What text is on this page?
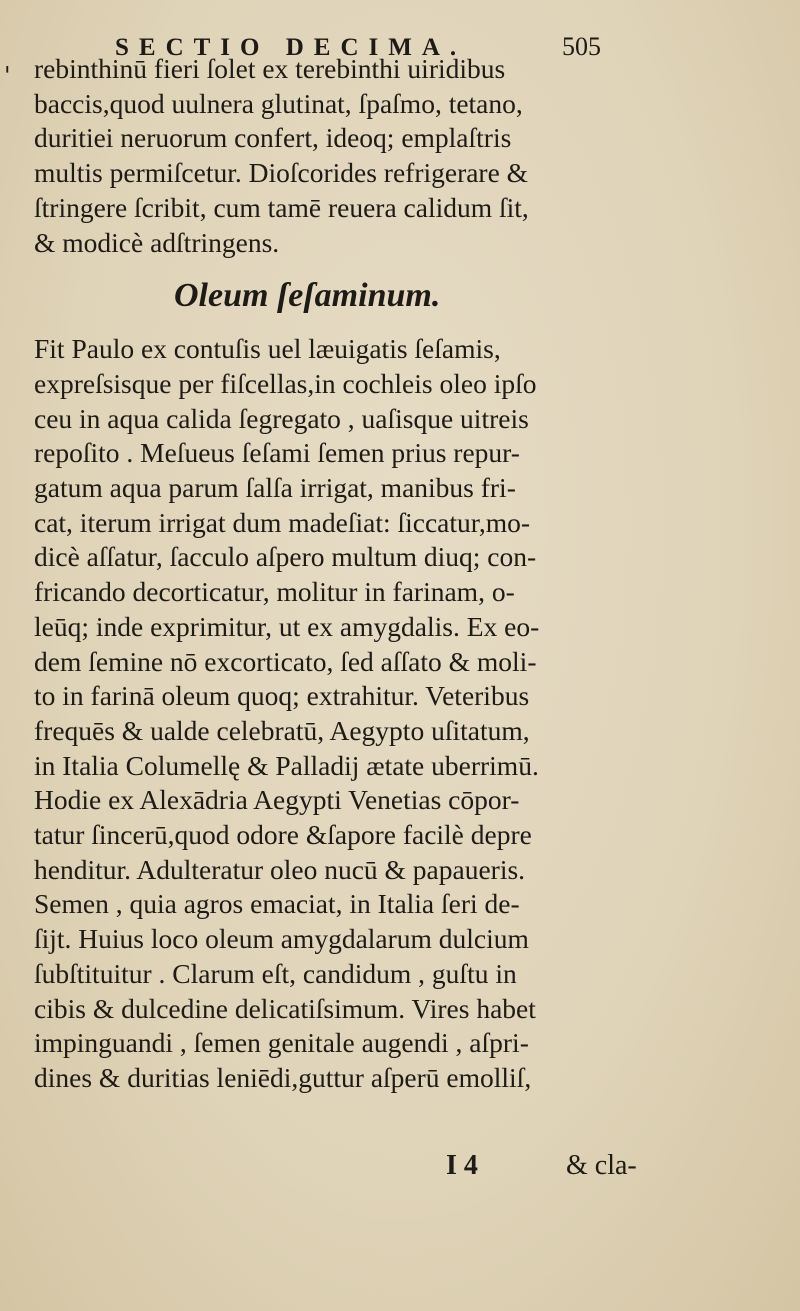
SECTIO DECIMA.	505
' rebinthinū fieri ſolet ex terebinthi uiridibus
baccis,quod uulnera glutinat, ſpaſmo, tetano,
duritiei neruorum confert, ideoq; emplaſtris
multis permiſcetur. Dioſcorides refrigerare &
ſtringere ſcribit, cum tamē reuera calidum ſit,
& modicè adſtringens.
Oleum ſeſaminum.
Fit Paulo ex contuſis uel læuigatis ſeſamis,
expreſsisque per fiſcellas,in cochleis oleo ipſo
ceu in aqua calida ſegregato , uaſisque uitreis
repoſito . Meſueus ſeſami ſemen prius repur-
gatum aqua parum ſalſa irrigat, manibus fri-
cat, iterum irrigat dum madeſiat: ſiccatur,mo-
dicè aſſatur, ſacculo aſpero multum diuq; con-
fricando decorticatur, molitur in farinam, o-
leūq; inde exprimitur, ut ex amygdalis. Ex eo-
dem ſemine nō excorticato, ſed aſſato & moli-
to in farinā oleum quoq; extrahitur. Veteribus
frequēs & ualde celebratū, Aegypto uſitatum,
in Italia Columellę & Palladij ætate uberrimū.
Hodie ex Alexādria Aegypti Venetias cōpor-
tatur ſincerū,quod odore &ſapore facilè depre
henditur. Adulteratur oleo nucū & papaueris.
Semen , quia agros emaciat, in Italia ſeri de-
ſijt. Huius loco oleum amygdalarum dulcium
ſubſtituitur . Clarum eſt, candidum , guſtu in
cibis & dulcedine delicatiſsimum. Vires habet
impinguandi , ſemen genitale augendi , aſpri-
dines & duritias leniēdi,guttur aſperū emolliſ,
I 4	& cla-
